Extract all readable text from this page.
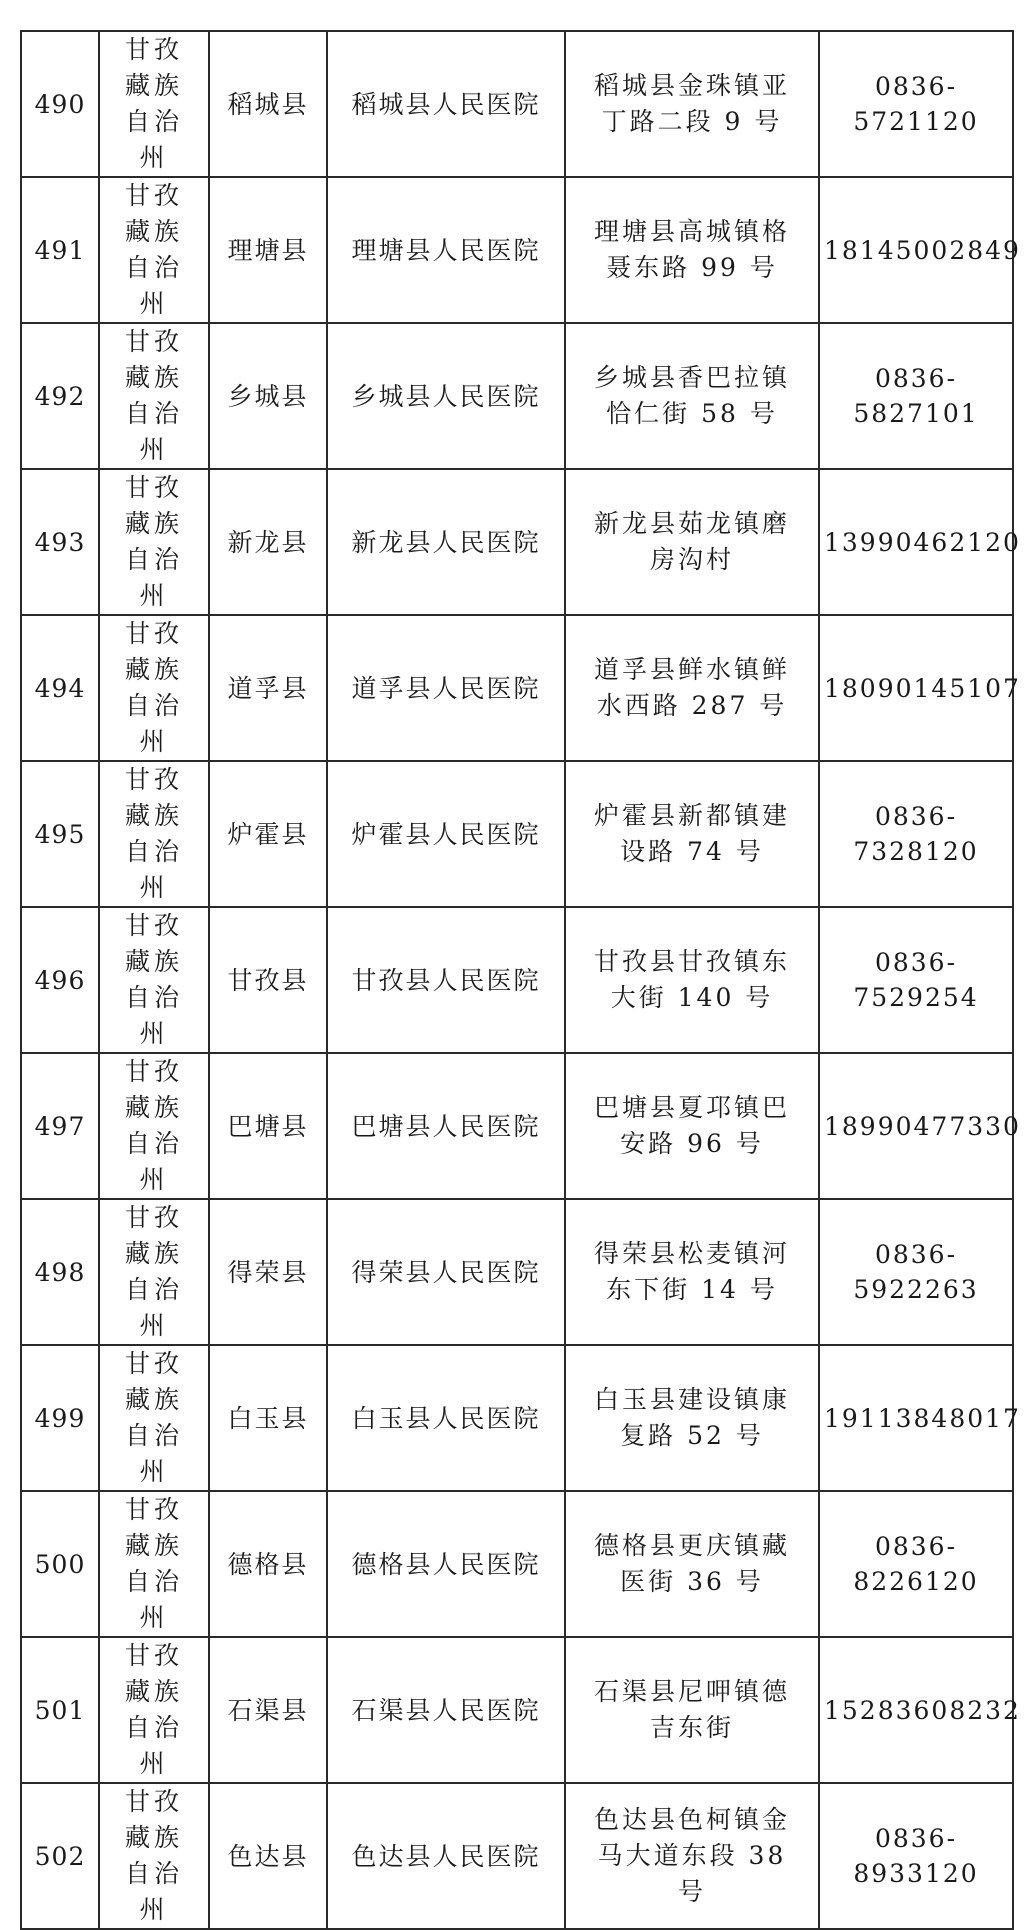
490	甘孜藏族自治州	稻城县	稻城县人民医院	稻城县金珠镇亚丁路二段 9 号	0836-5721120
491	甘孜藏族自治州	理塘县	理塘县人民医院	理塘县高城镇格聂东路 99 号	18145002849
492	甘孜藏族自治州	乡城县	乡城县人民医院	乡城县香巴拉镇恰仁街 58 号	0836-5827101
493	甘孜藏族自治州	新龙县	新龙县人民医院	新龙县茹龙镇磨房沟村	13990462120
494	甘孜藏族自治州	道孚县	道孚县人民医院	道孚县鲜水镇鲜水西路 287 号	18090145107
495	甘孜藏族自治州	炉霍县	炉霍县人民医院	炉霍县新都镇建设路 74 号	0836-7328120
496	甘孜藏族自治州	甘孜县	甘孜县人民医院	甘孜县甘孜镇东大街 140 号	0836-7529254
497	甘孜藏族自治州	巴塘县	巴塘县人民医院	巴塘县夏邛镇巴安路 96 号	18990477330
498	甘孜藏族自治州	得荣县	得荣县人民医院	得荣县松麦镇河东下街 14 号	0836-5922263
499	甘孜藏族自治州	白玉县	白玉县人民医院	白玉县建设镇康复路 52 号	19113848017
500	甘孜藏族自治州	德格县	德格县人民医院	德格县更庆镇藏医街 36 号	0836-8226120
501	甘孜藏族自治州	石渠县	石渠县人民医院	石渠县尼呷镇德吉东街	15283608232
502	甘孜藏族自治州	色达县	色达县人民医院	色达县色柯镇金马大道东段 38 号	0836-8933120
